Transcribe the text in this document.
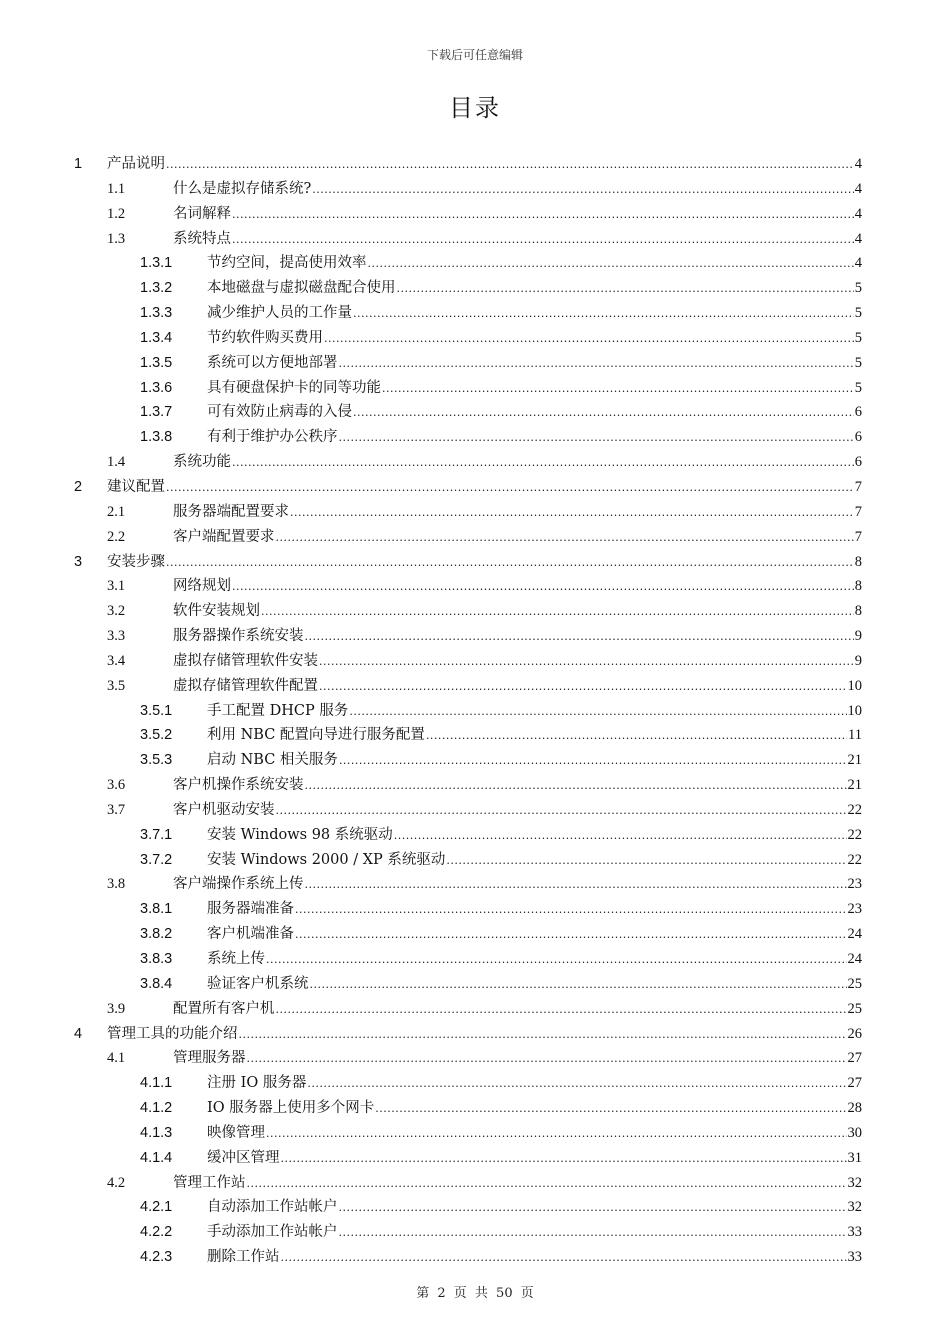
下载后可任意编辑
目录
1	产品说明 .....	4
1.1	什么是虚拟存储系统? .....	4
1.2	名词解释 .....	4
1.3	系统特点 .....	4
1.3.1	节约空间，提高使用效率 .....	4
1.3.2	本地磁盘与虚拟磁盘配合使用 .....	5
1.3.3	减少维护人员的工作量 .....	5
1.3.4	节约软件购买费用 .....	5
1.3.5	系统可以方便地部署 .....	5
1.3.6	具有硬盘保护卡的同等功能 .....	5
1.3.7	可有效防止病毒的入侵 .....	6
1.3.8	有利于维护办公秩序 .....	6
1.4	系统功能 .....	6
2	建议配置 .....	7
2.1	服务器端配置要求 .....	7
2.2	客户端配置要求 .....	7
3	安装步骤 .....	8
3.1	网络规划 .....	8
3.2	软件安装规划 .....	8
3.3	服务器操作系统安装 .....	9
3.4	虚拟存储管理软件安装 .....	9
3.5	虚拟存储管理软件配置 .....	10
3.5.1	手工配置 DHCP 服务 .....	10
3.5.2	利用 NBC 配置向导进行服务配置 .....	11
3.5.3	启动 NBC 相关服务 .....	21
3.6	客户机操作系统安装 .....	21
3.7	客户机驱动安装 .....	22
3.7.1	安装 Windows 98 系统驱动 .....	22
3.7.2	安装 Windows 2000 / XP 系统驱动 .....	22
3.8	客户端操作系统上传 .....	23
3.8.1	服务器端准备 .....	23
3.8.2	客户机端准备 .....	24
3.8.3	系统上传 .....	24
3.8.4	验证客户机系统 .....	25
3.9	配置所有客户机 .....	25
4	管理工具的功能介绍 .....	26
4.1	管理服务器 .....	27
4.1.1	注册 IO 服务器 .....	27
4.1.2	IO 服务器上使用多个网卡 .....	28
4.1.3	映像管理 .....	30
4.1.4	缓冲区管理 .....	31
4.2	管理工作站 .....	32
4.2.1	自动添加工作站帐户 .....	32
4.2.2	手动添加工作站帐户 .....	33
4.2.3	删除工作站 .....	33
第 2 页 共 50 页
